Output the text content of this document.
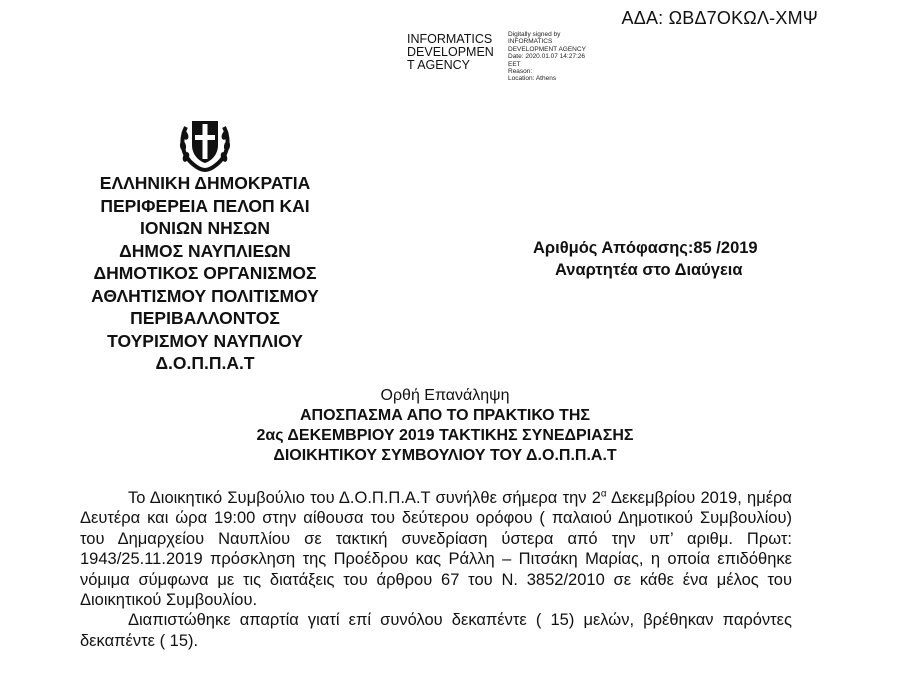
ΑΔΑ: ΩΒΔ7ΟΚΩΛ-ΧΜΨ
INFORMATICS
DEVELOPMEN
T AGENCY
Digitally signed by
INFORMATICS
DEVELOPMENT AGENCY
Date: 2020.01.07 14:27:26
EET
Reason:
Location: Athens
ΕΛΛΗΝΙΚΗ ΔΗΜΟΚΡΑΤΙΑ
ΠΕΡΙΦΕΡΕΙΑ ΠΕΛΟΠ ΚΑΙ
ΙΟΝΙΩΝ ΝΗΣΩΝ
ΔΗΜΟΣ ΝΑΥΠΛΙΕΩΝ
ΔΗΜΟΤΙΚΟΣ ΟΡΓΑΝΙΣΜΟΣ
ΑΘΛΗΤΙΣΜΟΥ ΠΟΛΙΤΙΣΜΟΥ
ΠΕΡΙΒΑΛΛΟΝΤΟΣ
ΤΟΥΡΙΣΜΟΥ ΝΑΥΠΛΙΟΥ
Δ.Ο.Π.Π.Α.Τ
Αριθμός Απόφασης:85 /2019
Αναρτητέα στο Διαύγεια
Ορθή Επανάληψη
ΑΠΟΣΠΑΣΜΑ ΑΠΟ ΤΟ ΠΡΑΚΤΙΚΟ ΤΗΣ
2ας ΔΕΚΕΜΒΡΙΟΥ 2019 ΤΑΚΤΙΚΗΣ ΣΥΝΕΔΡΙΑΣΗΣ
ΔΙΟΙΚΗΤΙΚΟΥ ΣΥΜΒΟΥΛΙΟΥ ΤΟΥ Δ.Ο.Π.Π.Α.Τ

Το Διοικητικό Συμβούλιο του Δ.Ο.Π.Π.Α.Τ συνήλθε σήμερα την $2^\alpha$ Δεκεμβρίου 2019, ημέρα Δευτέρα και ώρα 19:00 στην αίθουσα του δεύτερου ορόφου ( παλαιού Δημοτικού Συμβουλίου) του Δημαρχείου Ναυπλίου σε τακτική συνεδρίαση ύστερα από την υπ’ αριθμ. Πρωτ: 1943/25.11.2019 πρόσκληση της Προέδρου κας Ράλλη – Πιτσάκη Μαρίας, η οποία επιδόθηκε νόμιμα σύμφωνα με τις διατάξεις του άρθρου 67 του Ν. 3852/2010 σε κάθε ένα μέλος του Διοικητικού Συμβουλίου.

Διαπιστώθηκε απαρτία γιατί επί συνόλου δεκαπέντε ( 15) μελών, βρέθηκαν παρόντες δεκαπέντε ( 15).
